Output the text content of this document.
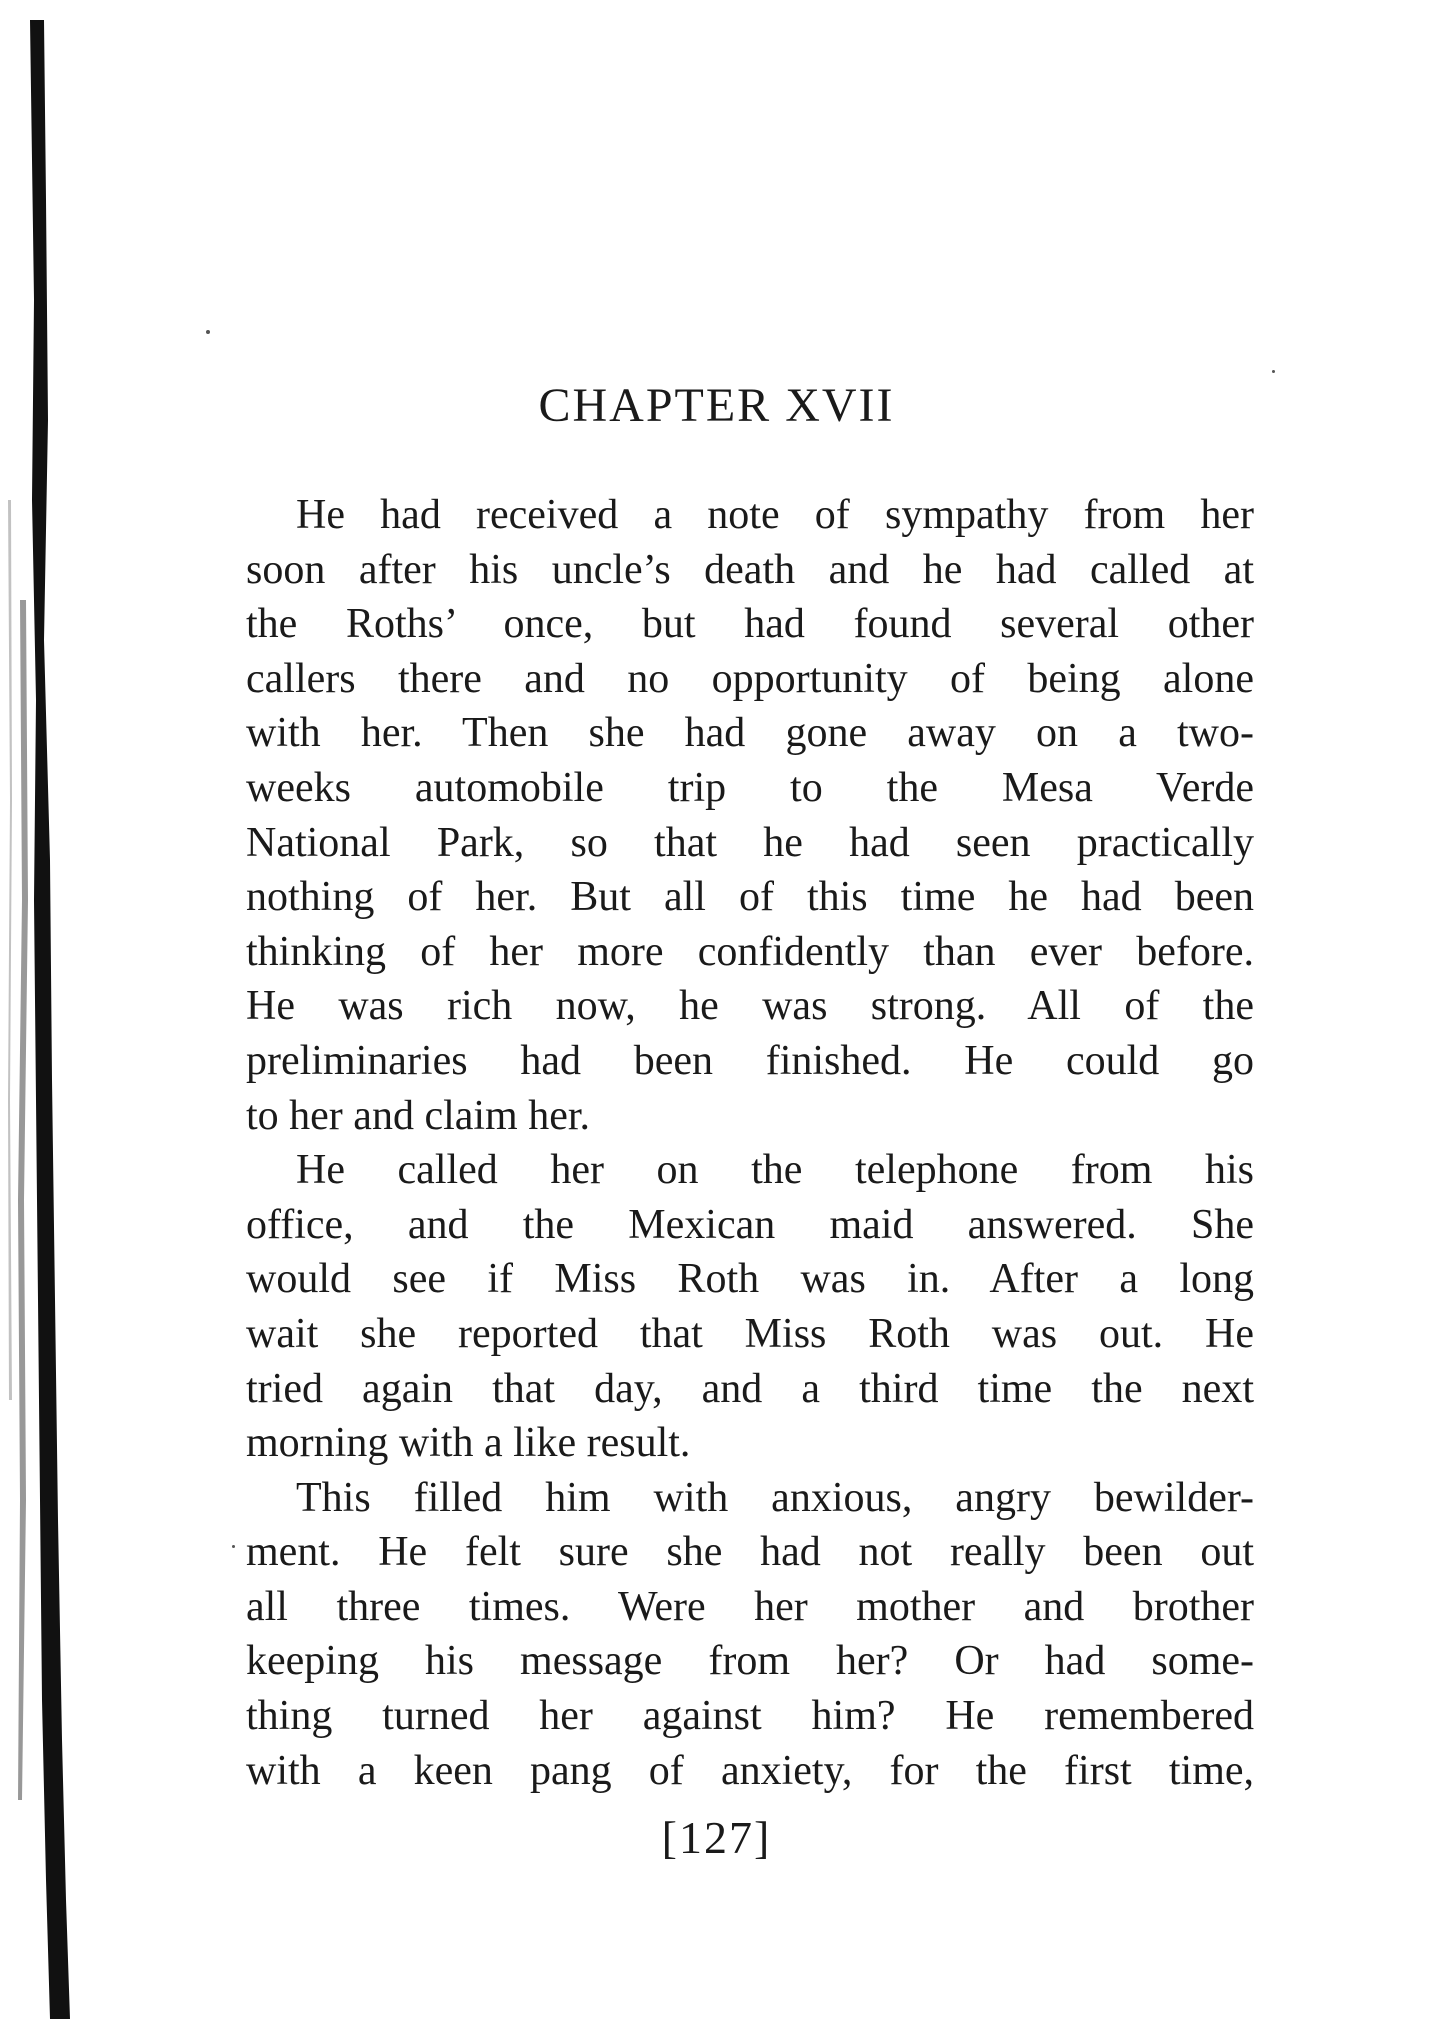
CHAPTER XVII
He had received a note of sympathy from her
soon after his uncle’s death and he had called at
the Roths’ once, but had found several other
callers there and no opportunity of being alone
with her. Then she had gone away on a two-
weeks automobile trip to the Mesa Verde
National Park, so that he had seen practically
nothing of her. But all of this time he had been
thinking of her more confidently than ever before.
He was rich now, he was strong. All of the
preliminaries had been finished. He could go
to her and claim her.
He called her on the telephone from his
office, and the Mexican maid answered. She
would see if Miss Roth was in. After a long
wait she reported that Miss Roth was out. He
tried again that day, and a third time the next
morning with a like result.
This filled him with anxious, angry bewilder-
ment. He felt sure she had not really been out
all three times. Were her mother and brother
keeping his message from her? Or had some-
thing turned her against him? He remembered
with a keen pang of anxiety, for the first time,
[127]
